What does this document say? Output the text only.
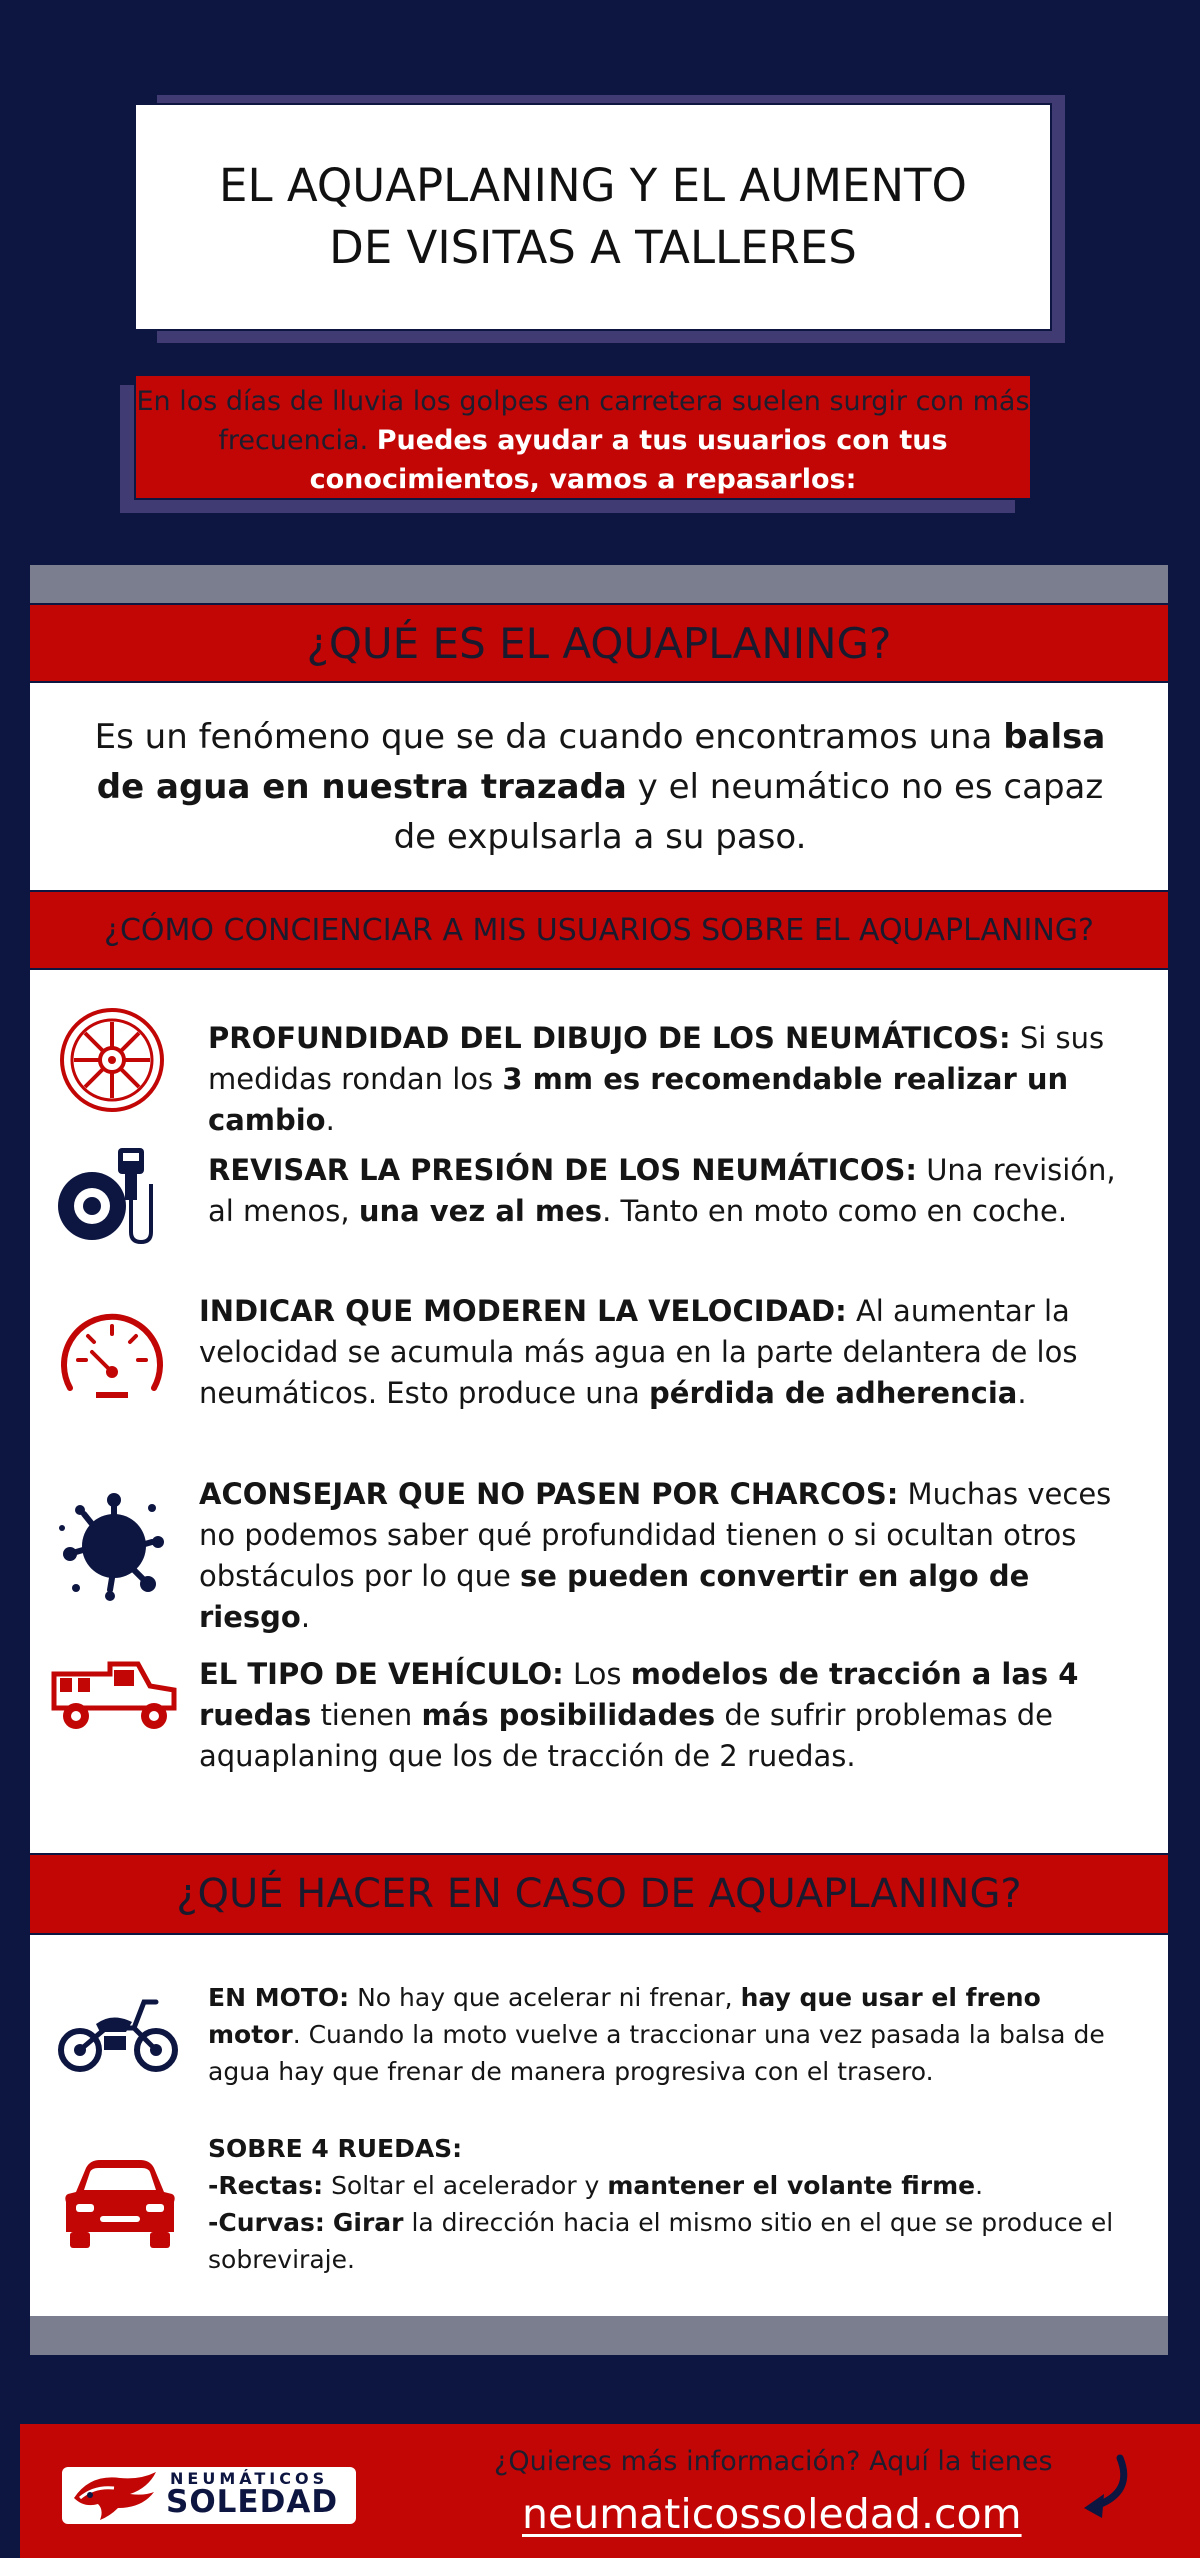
EL AQUAPLANING Y EL AUMENTO DE VISITAS A TALLERES
En los días de lluvia los golpes en carretera suelen surgir con más frecuencia. Puedes ayudar a tus usuarios con tus conocimientos, vamos a repasarlos:
¿QUÉ ES EL AQUAPLANING?

Es un fenómeno que se da cuando encontramos una balsa de agua en nuestra trazada y el neumático no es capaz de expulsarla a su paso.

¿CÓMO CONCIENCIAR A MIS USUARIOS SOBRE EL AQUAPLANING?

PROFUNDIDAD DEL DIBUJO DE LOS NEUMÁTICOS: Si sus medidas rondan los 3 mm es recomendable realizar un cambio.

REVISAR LA PRESIÓN DE LOS NEUMÁTICOS: Una revisión, al menos, una vez al mes. Tanto en moto como en coche.

INDICAR QUE MODEREN LA VELOCIDAD: Al aumentar la velocidad se acumula más agua en la parte delantera de los neumáticos. Esto produce una pérdida de adherencia.

ACONSEJAR QUE NO PASEN POR CHARCOS: Muchas veces no podemos saber qué profundidad tienen o si ocultan otros obstáculos por lo que se pueden convertir en algo de riesgo.

EL TIPO DE VEHÍCULO: Los modelos de tracción a las 4 ruedas tienen más posibilidades de sufrir problemas de aquaplaning que los de tracción de 2 ruedas.

¿QUÉ HACER EN CASO DE AQUAPLANING?

EN MOTO: No hay que acelerar ni frenar, hay que usar el freno motor. Cuando la moto vuelve a traccionar una vez pasada la balsa de agua hay que frenar de manera progresiva con el trasero.

SOBRE 4 RUEDAS:
-Rectas: Soltar el acelerador y mantener el volante firme.
-Curvas: Girar la dirección hacia el mismo sitio en el que se produce el sobreviraje.
NEUMÁTICOS
SOLEDAD
¿Quieres más información? Aquí la tienes
neumaticossoledad.com
